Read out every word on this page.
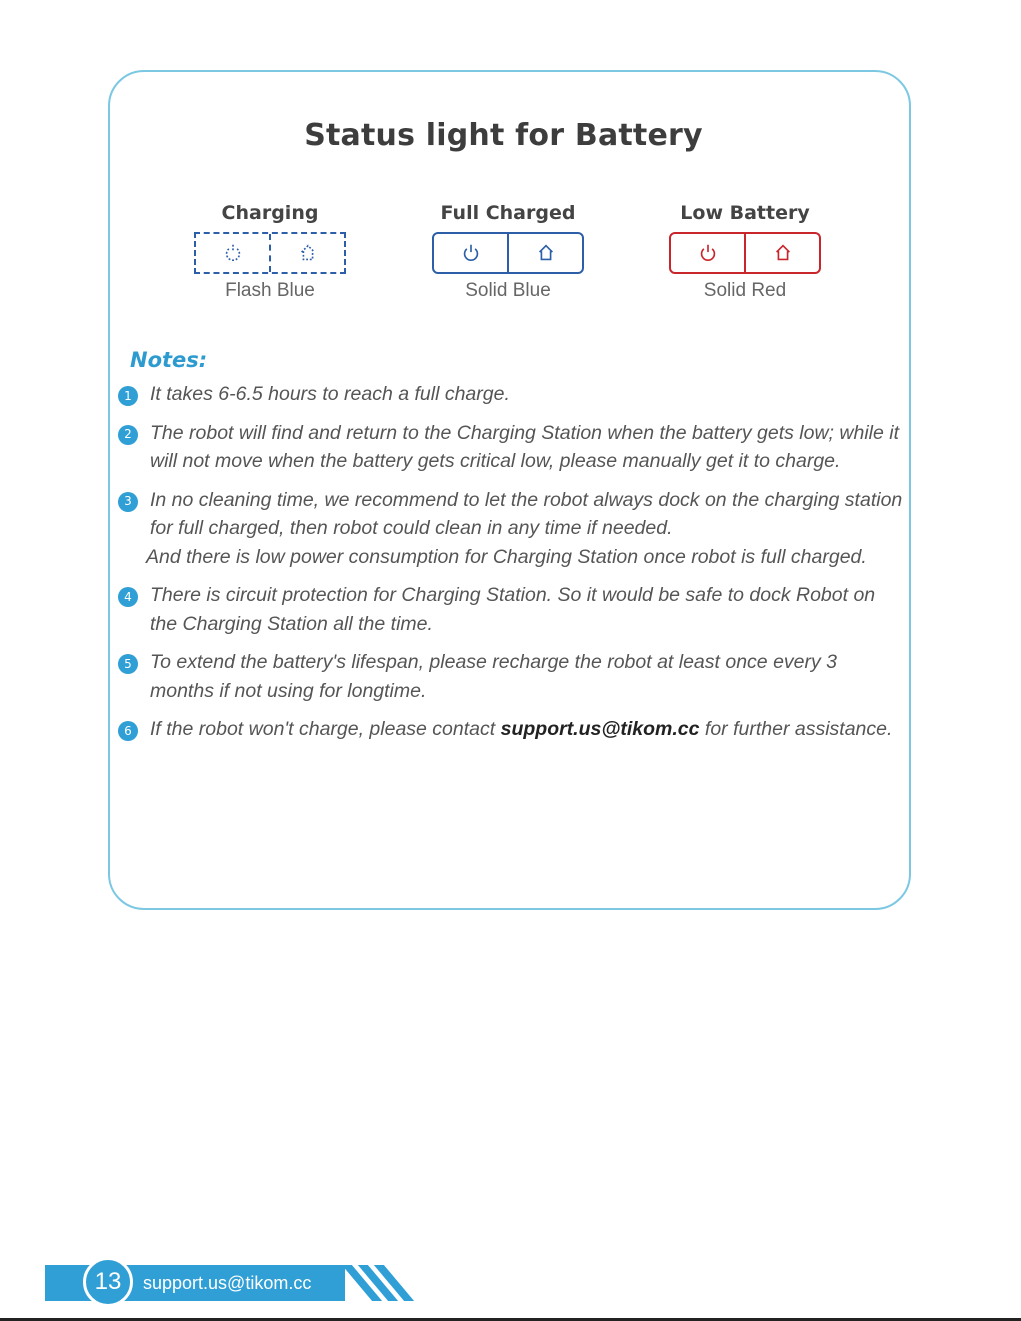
Status light for Battery
Charging
Flash Blue
Full Charged
Solid Blue
Low Battery
Solid Red
Notes:
1 It takes 6-6.5 hours to reach a full charge.

2 The robot will find and return to the Charging Station when the battery gets low; while it will not move when the battery gets critical low, please manually get it to charge.

3 In no cleaning time, we recommend to let the robot always dock on the charging station for full charged, then robot could clean in any time if needed.

And there is low power consumption for Charging Station once robot is full charged.

4 There is circuit protection for Charging Station. So it would be safe to dock Robot on the Charging Station all the time.

5 To extend the battery's lifespan, please recharge the robot at least once every 3 months if not using for longtime.

6 If the robot won't charge, please contact support.us@tikom.cc for further assistance.

13	support.us@tikom.cc
